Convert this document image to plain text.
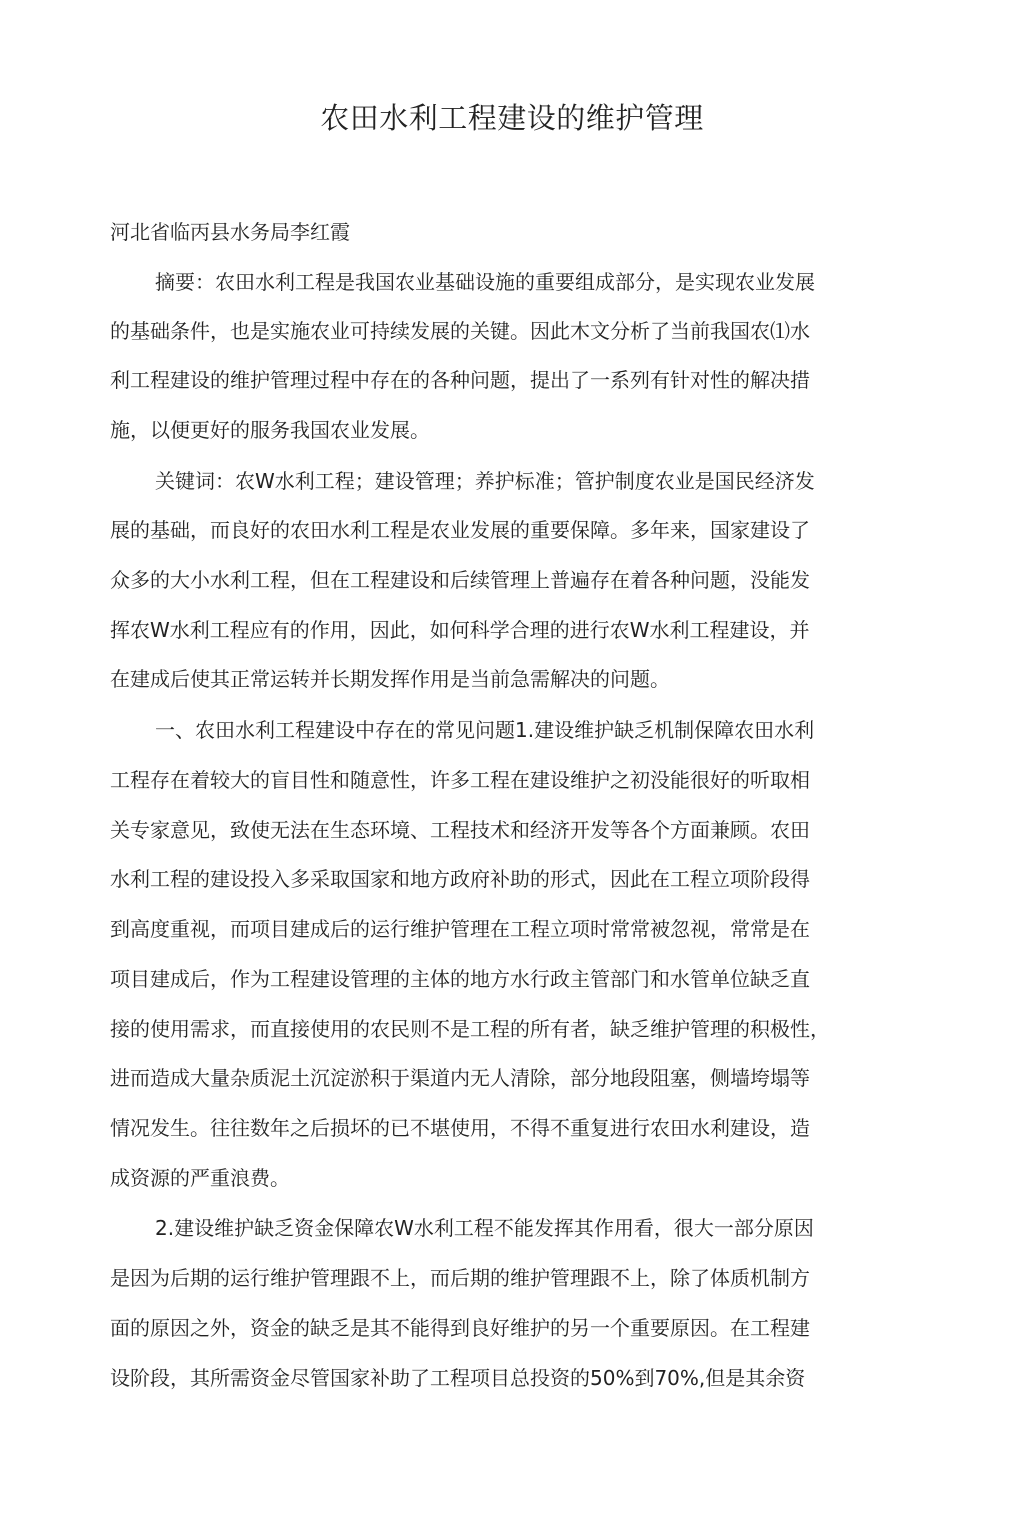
农田水利工程建设的维护管理
河北省临丙县水务局李红霞
摘要：农田水利工程是我国农业基础设施的重要组成部分，是实现农业发展
的基础条件，也是实施农业可持续发展的关键。因此木文分析了当前我国农⑴水
利工程建设的维护管理过程中存在的各种问题，提出了一系列有针对性的解决措
施，以便更好的服务我国农业发展。
关键词：农W水利工程；建设管理；养护标准；管护制度农业是国民经济发
展的基础，而良好的农田水利工程是农业发展的重要保障。多年来，国家建设了
众多的大小水利工程，但在工程建设和后续管理上普遍存在着各种问题，没能发
挥农W水利工程应有的作用，因此，如何科学合理的进行农W水利工程建设，并
在建成后使其正常运转并长期发挥作用是当前急需解决的问题。
一、农田水利工程建设中存在的常见问题1.建设维护缺乏机制保障农田水利
工程存在着较大的盲目性和随意性，许多工程在建设维护之初没能很好的听取相
关专家意见，致使无法在生态环境、工程技术和经济开发等各个方面兼顾。农田
水利工程的建设投入多采取国家和地方政府补助的形式，因此在工程立项阶段得
到高度重视，而项目建成后的运行维护管理在工程立项时常常被忽视，常常是在
项目建成后，作为工程建设管理的主体的地方水行政主管部门和水管单位缺乏直
接的使用需求，而直接使用的农民则不是工程的所有者，缺乏维护管理的积极性，
进而造成大量杂质泥土沉淀淤积于渠道内无人清除，部分地段阻塞，侧墙垮塌等
情况发生。往往数年之后损坏的已不堪使用，不得不重复进行农田水利建设，造
成资源的严重浪费。
2.建设维护缺乏资金保障农W水利工程不能发挥其作用看，很大一部分原因
是因为后期的运行维护管理跟不上，而后期的维护管理跟不上，除了体质机制方
面的原因之外，资金的缺乏是其不能得到良好维护的另一个重要原因。在工程建
设阶段，其所需资金尽管国家补助了工程项目总投资的50%到70%,但是其余资
